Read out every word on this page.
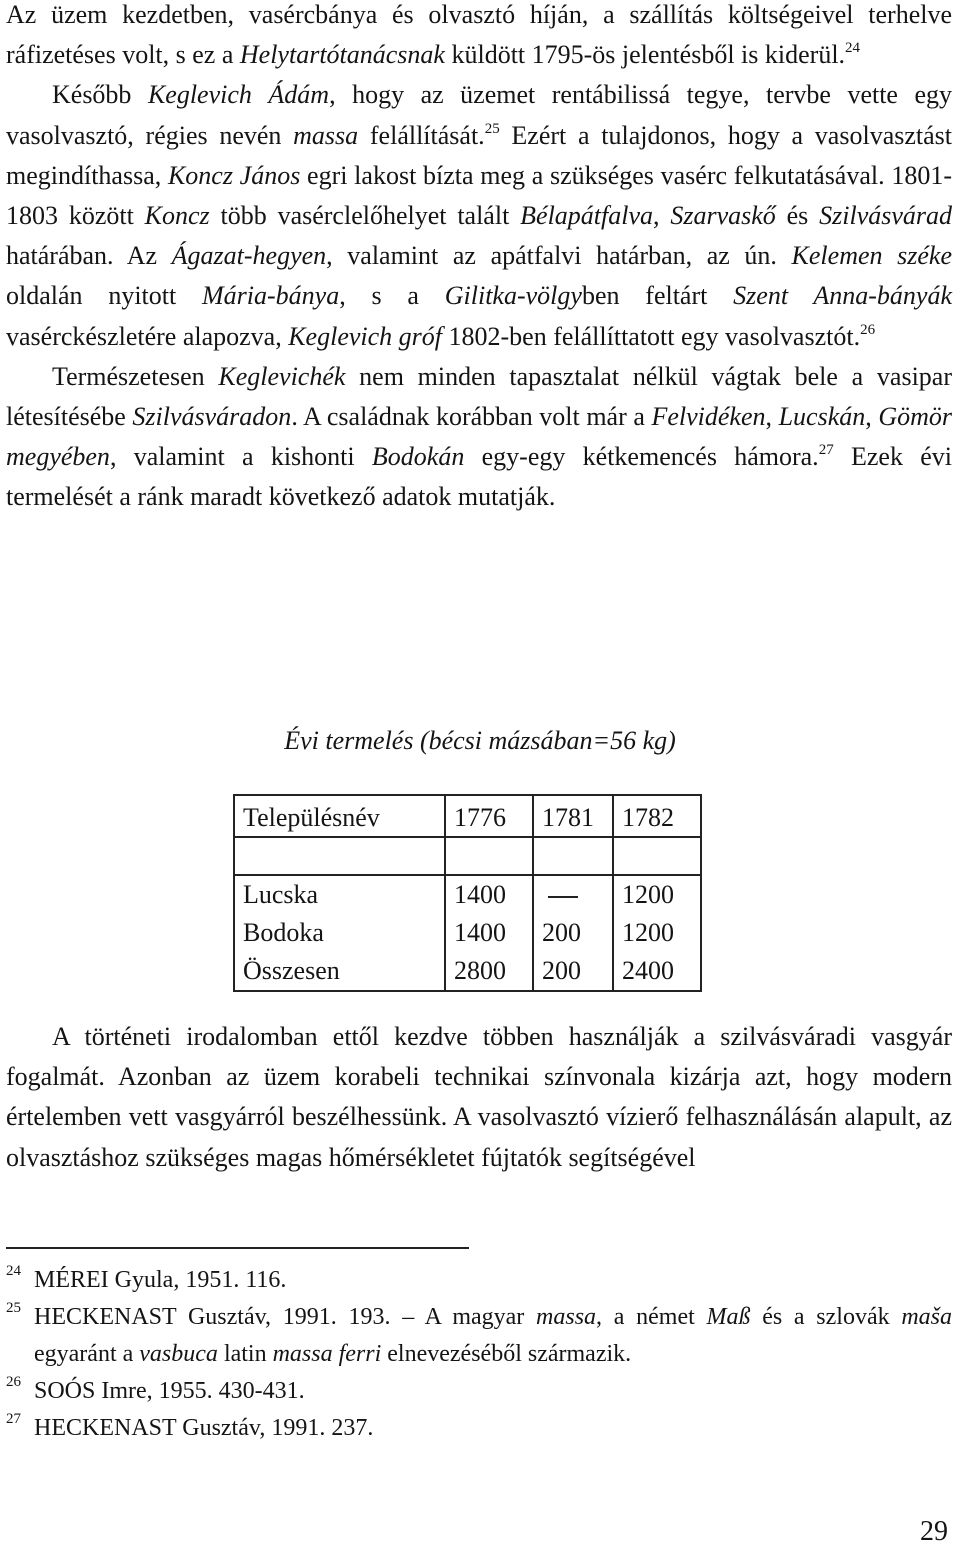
Az üzem kezdetben, vasércbánya és olvasztó híján, a szállítás költségeivel terhelve ráfizetéses volt, s ez a Helytartótanácsnak küldött 1795-ös jelentésből is kiderül.$^{24}$
Később Keglevich Ádám, hogy az üzemet rentábilissá tegye, tervbe vette egy vasolvasztó, régies nevén massa felállítását.$^{25}$ Ezért a tulajdonos, hogy a vasolvasztást megindíthassa, Koncz János egri lakost bízta meg a szükséges vasérc felkutatásával. 1801-1803 között Koncz több vasérclelőhelyet talált Bélapátfalva, Szarvaskő és Szilvásvárad határában. Az Ágazat-hegyen, valamint az apátfalvi határban, az ún. Kelemen széke oldalán nyitott Mária-bánya, s a Gilitka-völgyben feltárt Szent Anna-bányák vasérckészletére alapozva, Keglevich gróf 1802-ben felállíttatott egy vasolvasztót.$^{26}$
Természetesen Keglevichék nem minden tapasztalat nélkül vágtak bele a vasipar létesítésébe Szilvásváradon. A családnak korábban volt már a Felvidéken, Lucskán, Gömör megyében, valamint a kishonti Bodokán egy-egy kétkemencés hámora.$^{27}$ Ezek évi termelését a ránk maradt következő adatok mutatják.

Évi termelés (bécsi mázsában=56 kg)

Településnév	1776	1781	1782

Lucska	1400		1200
Bodoka	1400	200	1200
Összesen	2800	200	2400

A történeti irodalomban ettől kezdve többen használják a szilvásváradi vasgyár fogalmát. Azonban az üzem korabeli technikai színvonala kizárja azt, hogy modern értelemben vett vasgyárról beszélhessünk. A vasolvasztó vízierő felhasználásán alapult, az olvasztáshoz szükséges magas hőmérsékletet fújtatók segítségével

24 MÉREI Gyula, 1951. 116.
25 HECKENAST Gusztáv, 1991. 193. – A magyar massa, a német Maß és a szlovák maša egyaránt a vasbuca latin massa ferri elnevezéséből származik.
26 SOÓS Imre, 1955. 430-431.
27 HECKENAST Gusztáv, 1991. 237.
29
